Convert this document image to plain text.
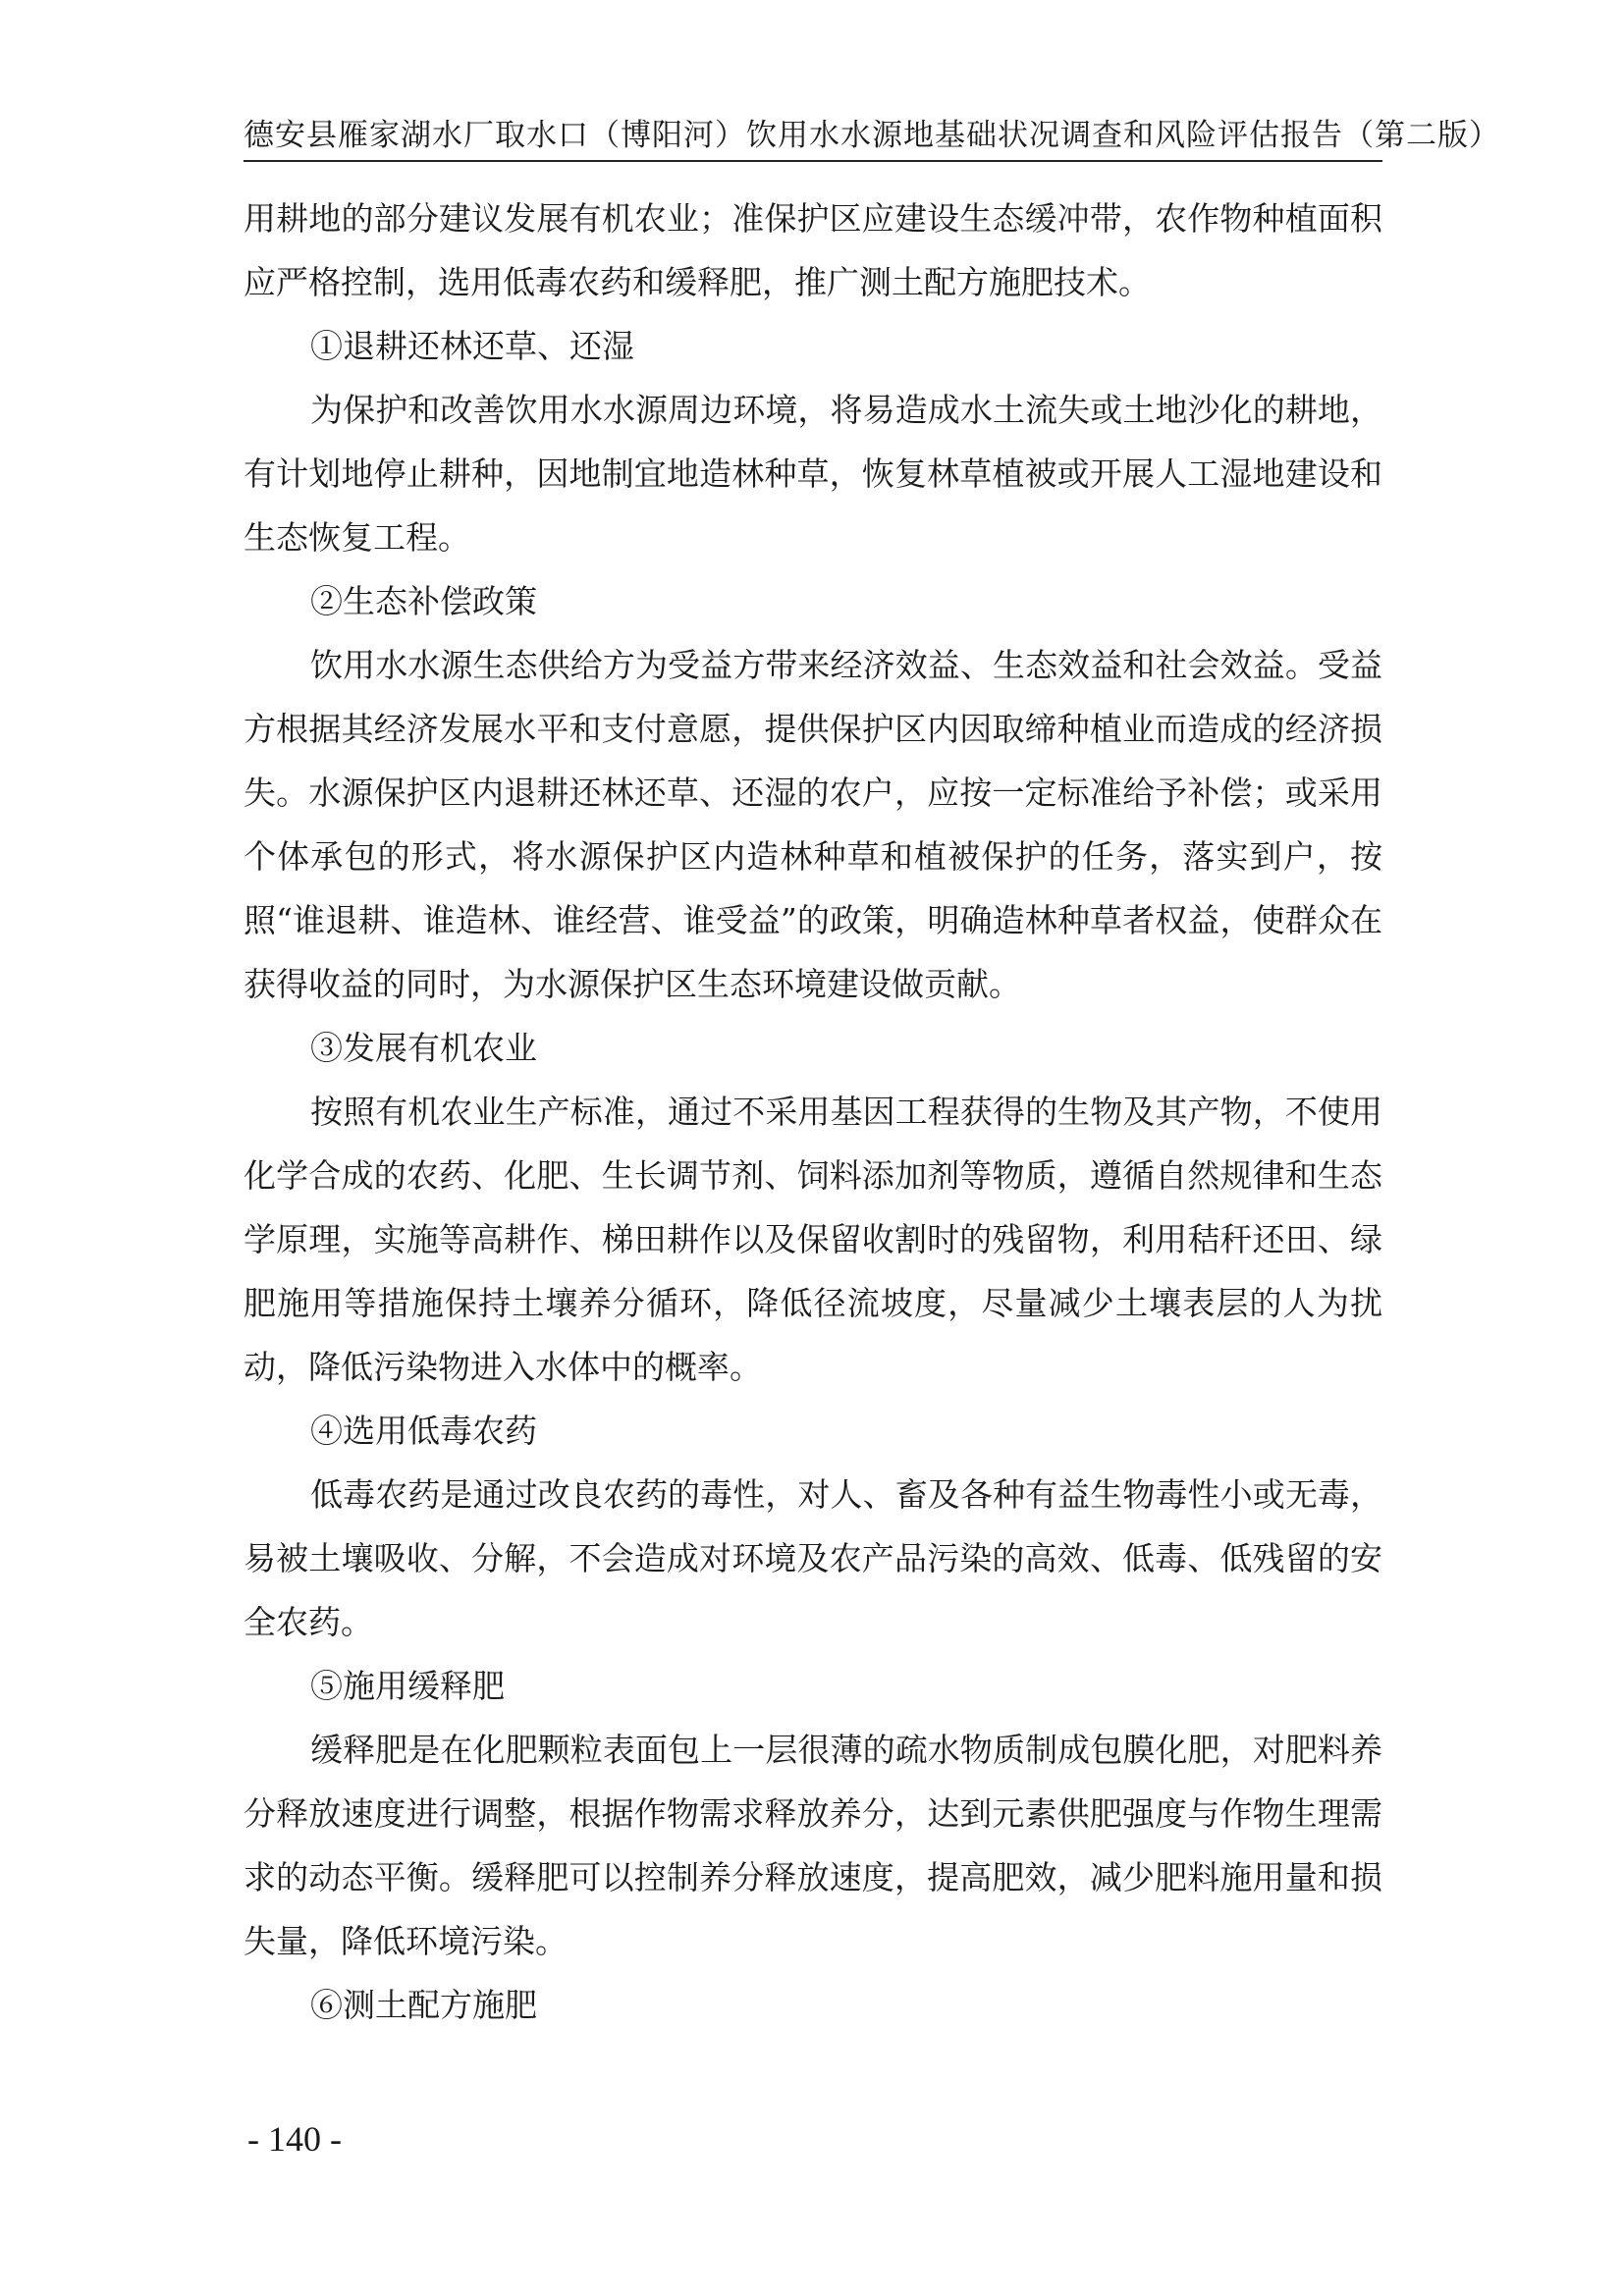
德安县雁家湖水厂取水口（博阳河）饮用水水源地基础状况调查和风险评估报告（第二版）

用耕地的部分建议发展有机农业；准保护区应建设生态缓冲带，农作物种植面积应严格控制，选用低毒农药和缓释肥，推广测土配方施肥技术。

①退耕还林还草、还湿

为保护和改善饮用水水源周边环境，将易造成水土流失或土地沙化的耕地，有计划地停止耕种，因地制宜地造林种草，恢复林草植被或开展人工湿地建设和生态恢复工程。

②生态补偿政策

饮用水水源生态供给方为受益方带来经济效益、生态效益和社会效益。受益方根据其经济发展水平和支付意愿，提供保护区内因取缔种植业而造成的经济损失。水源保护区内退耕还林还草、还湿的农户，应按一定标准给予补偿；或采用个体承包的形式，将水源保护区内造林种草和植被保护的任务，落实到户，按照“谁退耕、谁造林、谁经营、谁受益”的政策，明确造林种草者权益，使群众在获得收益的同时，为水源保护区生态环境建设做贡献。

③发展有机农业

按照有机农业生产标准，通过不采用基因工程获得的生物及其产物，不使用化学合成的农药、化肥、生长调节剂、饲料添加剂等物质，遵循自然规律和生态学原理，实施等高耕作、梯田耕作以及保留收割时的残留物，利用秸秆还田、绿肥施用等措施保持土壤养分循环，降低径流坡度，尽量减少土壤表层的人为扰动，降低污染物进入水体中的概率。

④选用低毒农药

低毒农药是通过改良农药的毒性，对人、畜及各种有益生物毒性小或无毒，易被土壤吸收、分解，不会造成对环境及农产品污染的高效、低毒、低残留的安全农药。

⑤施用缓释肥

缓释肥是在化肥颗粒表面包上一层很薄的疏水物质制成包膜化肥，对肥料养分释放速度进行调整，根据作物需求释放养分，达到元素供肥强度与作物生理需求的动态平衡。缓释肥可以控制养分释放速度，提高肥效，减少肥料施用量和损失量，降低环境污染。

⑥测土配方施肥

- 140 -
